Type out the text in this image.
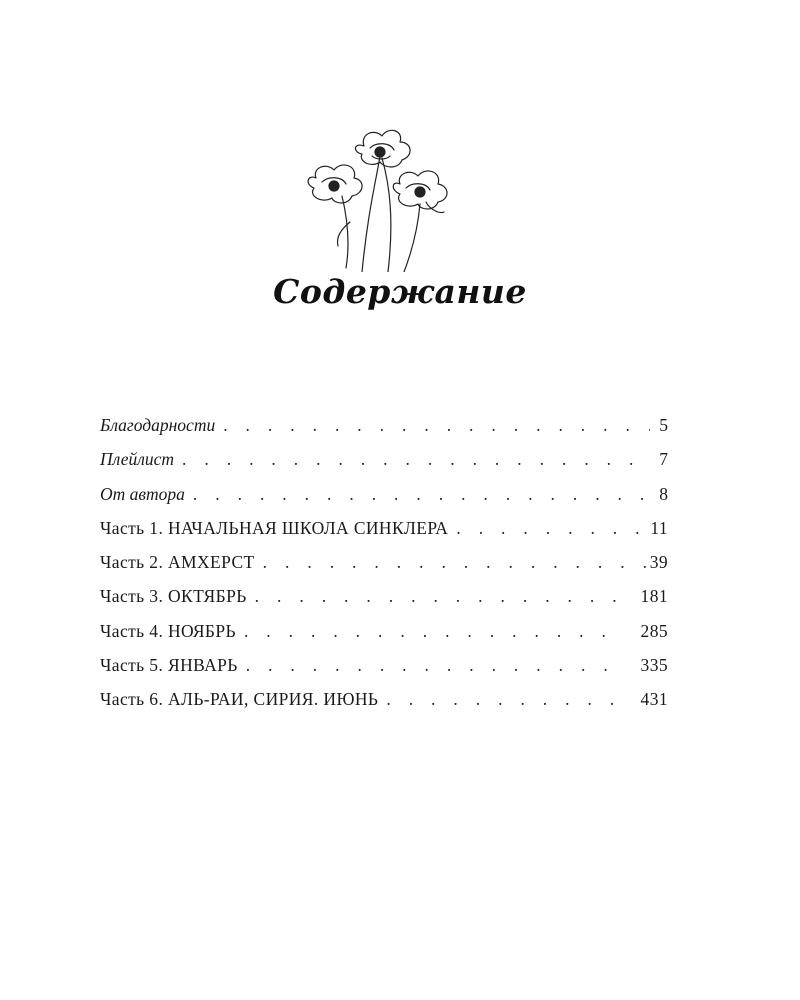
Содержание
Благодарности . . .	5
Плейлист . . .	7
От автора . . .	8
Часть 1. НАЧАЛЬНАЯ ШКОЛА СИНКЛЕРА . . .	11
Часть 2. АМХЕРСТ . . .	39
Часть 3. ОКТЯБРЬ . . .	181
Часть 4. НОЯБРЬ . . .	285
Часть 5. ЯНВАРЬ . . .	335
Часть 6. АЛЬ-РАИ, СИРИЯ. ИЮНЬ . . .	431
